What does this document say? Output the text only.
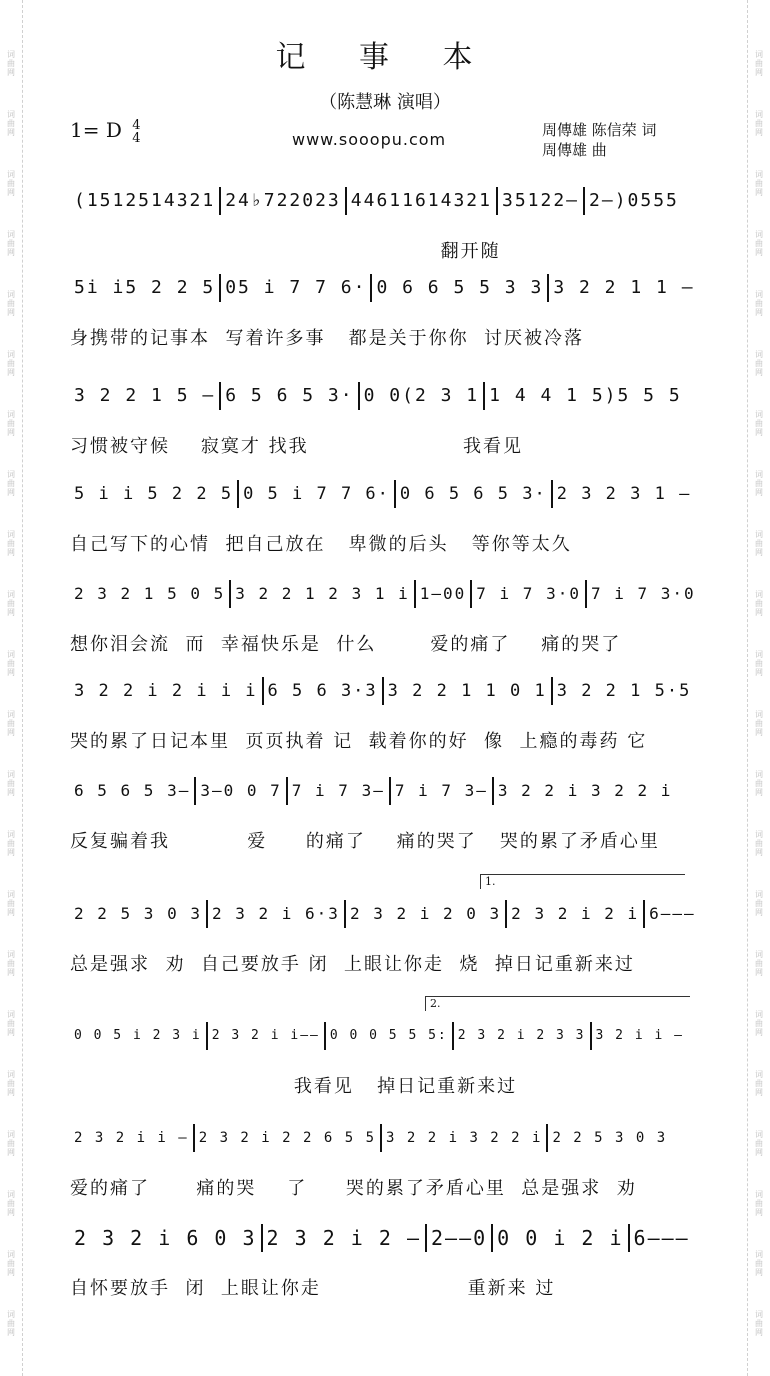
词
曲
网
词
曲
网
词
曲
网
词
曲
网
词
曲
网
词
曲
网
词
曲
网
词
曲
网
词
曲
网
词
曲
网
词
曲
网
词
曲
网
词
曲
网
词
曲
网
词
曲
网
词
曲
网
词
曲
网
词
曲
网
词
曲
网
词
曲
网
词
曲
网
词
曲
网
词
曲
网
词
曲
网
词
曲
网
词
曲
网
词
曲
网
词
曲
网
词
曲
网
词
曲
网
词
曲
网
词
曲
网
词
曲
网
词
曲
网
词
曲
网
词
曲
网
词
曲
网
词
曲
网
词
曲
网
词
曲
网
词
曲
网
词
曲
网
词
曲
网
词
曲
网
记 事 本
（陈慧琳 演唱）
1= D 4
4	www.sooopu.com	周傳雄 陈信荣 词
周傳雄 曲
(1512514321 24♭722023 44611614321 35122— 2—)0555
翻开随
5i i5 2 2 5 05 i 7 7 6· 0 6 6 5 5 3 3 3 2 2 1 1 —
身携带的记事本  写着许多事   都是关于你你  讨厌被冷落
3 2 2 1 5 — 6 5 6 5 3· 0 0(2 3 1 1 4 4 1 5)5 5 5
习惯被守候    寂寞才 找我                    我看见
5 i i 5 2 2 5 0 5 i 7 7 6· 0 6 5 6 5 3· 2 3 2 3 1 —
自己写下的心情  把自己放在   卑微的后头   等你等太久
2 3 2 1 5 0 5 3 2 2 1 2 3 1 i 1—00 7 i 7 3·0 7 i 7 3·0
想你泪会流  而  幸福快乐是  什么       爱的痛了    痛的哭了
3 2 2 i 2 i i i 6 5 6 3·3 3 2 2 1 1 0 1 3 2 2 1 5·5
哭的累了日记本里  页页执着 记  载着你的好  像  上瘾的毒药 它
6 5 6 5 3— 3—0 0 7 7 i 7 3— 7 i 7 3— 3 2 2 i 3 2 2 i
反复骗着我          爱     的痛了    痛的哭了   哭的累了矛盾心里
1.
2 2 5 3 0 3 2 3 2 i 6·3 2 3 2 i 2 0 3 2 3 2 i 2 i 6———
总是强求  劝  自己要放手 闭  上眼让你走  烧  掉日记重新来过
2.
0 0 5 i 2 3 i 2 3 2 i i—— 0 0 0 5 5 5: 2 3 2 i 2 3 3 3 2 i i —
我看见   掉日记重新来过
2 3 2 i i — 2 3 2 i 2 2 6 5 5 3 2 2 i 3 2 2 i 2 2 5 3 0 3
爱的痛了      痛的哭    了     哭的累了矛盾心里  总是强求  劝
2 3 2 i 6 0 3 2 3 2 i 2 — 2——0 0 0 i 2 i 6———
自怀要放手  闭  上眼让你走                   重新来 过
